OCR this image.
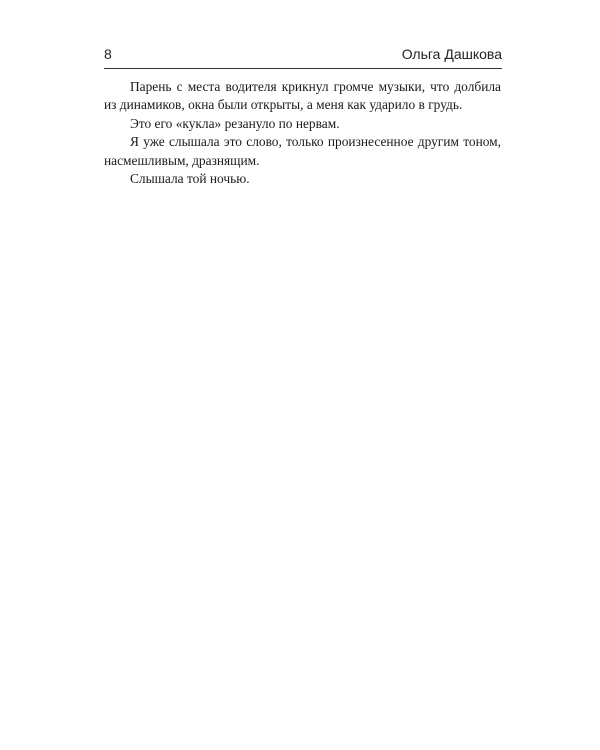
8	Ольга Дашкова

Парень с места водителя крикнул громче музыки, что долбила из динамиков, окна были открыты, а меня как ударило в грудь.

Это его «кукла» резануло по нервам.

Я уже слышала это слово, только произнесенное другим тоном, насмешливым, дразнящим.

Слышала той ночью.
